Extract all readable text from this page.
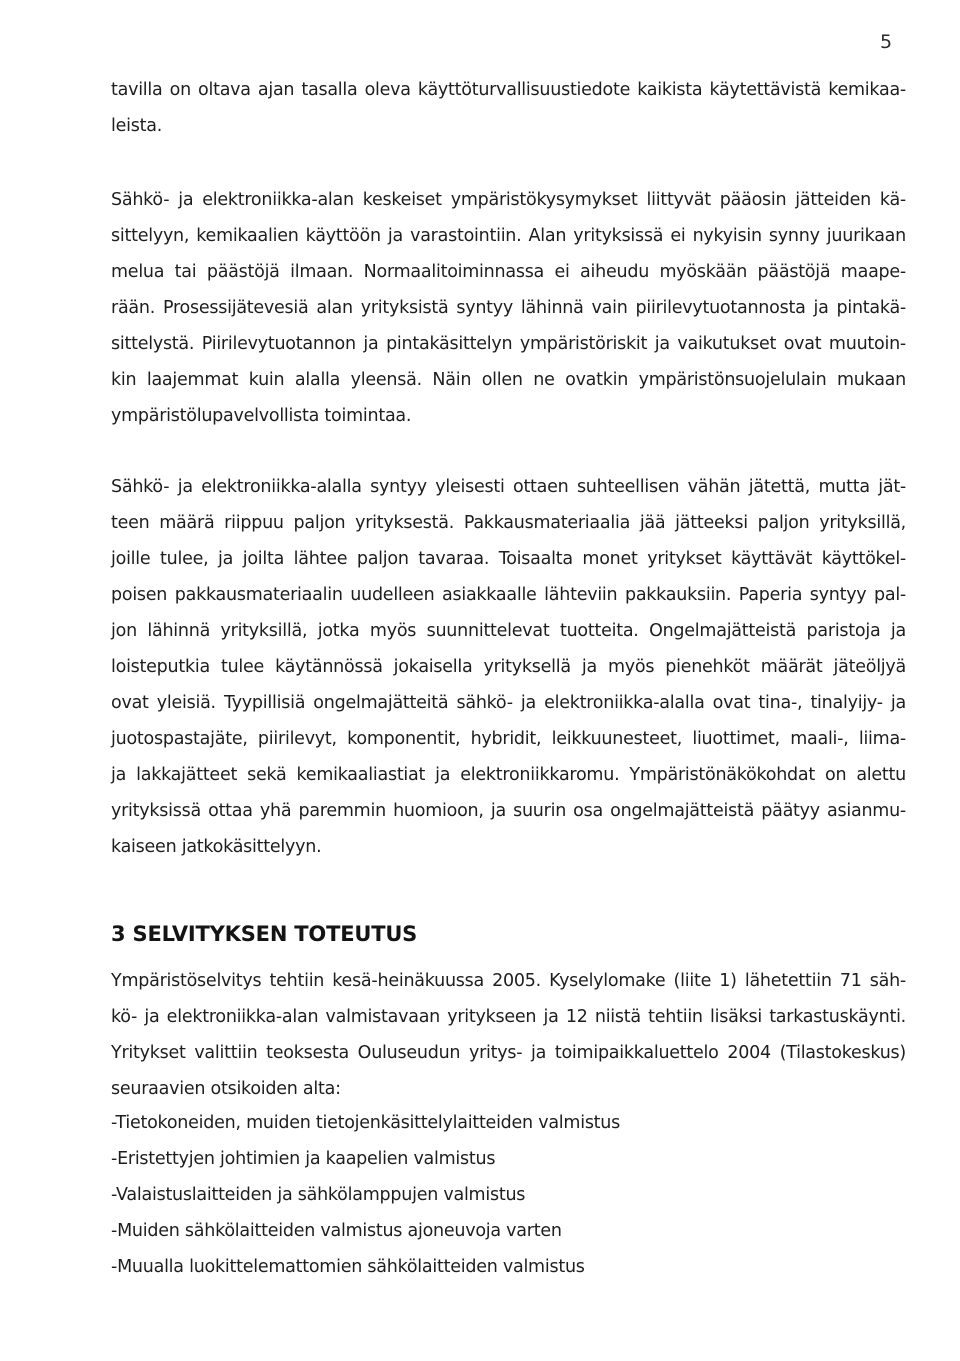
5
tavilla on oltava ajan tasalla oleva käyttöturvallisuustiedote kaikista käytettävistä kemikaa-
leista.
Sähkö- ja elektroniikka-alan keskeiset ympäristökysymykset liittyvät pääosin jätteiden kä-
sittelyyn, kemikaalien käyttöön ja varastointiin. Alan yrityksissä ei nykyisin synny juurikaan
melua tai päästöjä ilmaan. Normaalitoiminnassa ei aiheudu myöskään päästöjä maape-
rään. Prosessijätevesiä alan yrityksistä syntyy lähinnä vain piirilevytuotannosta ja pintakä-
sittelystä. Piirilevytuotannon ja pintakäsittelyn ympäristöriskit ja vaikutukset ovat muutoin-
kin laajemmat kuin alalla yleensä. Näin ollen ne ovatkin ympäristönsuojelulain mukaan
ympäristölupavelvollista toimintaa.
Sähkö- ja elektroniikka-alalla syntyy yleisesti ottaen suhteellisen vähän jätettä, mutta jät-
teen määrä riippuu paljon yrityksestä. Pakkausmateriaalia jää jätteeksi paljon yrityksillä,
joille tulee, ja joilta lähtee paljon tavaraa. Toisaalta monet yritykset käyttävät käyttökel-
poisen pakkausmateriaalin uudelleen asiakkaalle lähteviin pakkauksiin. Paperia syntyy pal-
jon lähinnä yrityksillä, jotka myös suunnittelevat tuotteita. Ongelmajätteistä paristoja ja
loisteputkia tulee käytännössä jokaisella yrityksellä ja myös pienehköt määrät jäteöljyä
ovat yleisiä. Tyypillisiä ongelmajätteitä sähkö- ja elektroniikka-alalla ovat tina-, tinalyijy- ja
juotospastajäte, piirilevyt, komponentit, hybridit, leikkuunesteet, liuottimet, maali-, liima-
ja lakkajätteet sekä kemikaaliastiat ja elektroniikkaromu. Ympäristönäkökohdat on alettu
yrityksissä ottaa yhä paremmin huomioon, ja suurin osa ongelmajätteistä päätyy asianmu-
kaiseen jatkokäsittelyyn.
3 SELVITYKSEN TOTEUTUS
Ympäristöselvitys tehtiin kesä-heinäkuussa 2005. Kyselylomake (liite 1) lähetettiin 71 säh-
kö- ja elektroniikka-alan valmistavaan yritykseen ja 12 niistä tehtiin lisäksi tarkastuskäynti.
Yritykset valittiin teoksesta Ouluseudun yritys- ja toimipaikkaluettelo 2004 (Tilastokeskus)
seuraavien otsikoiden alta:
-Tietokoneiden, muiden tietojenkäsittelylaitteiden valmistus
-Eristettyjen johtimien ja kaapelien valmistus
-Valaistuslaitteiden ja sähkölamppujen valmistus
-Muiden sähkölaitteiden valmistus ajoneuvoja varten
-Muualla luokittelemattomien sähkölaitteiden valmistus
